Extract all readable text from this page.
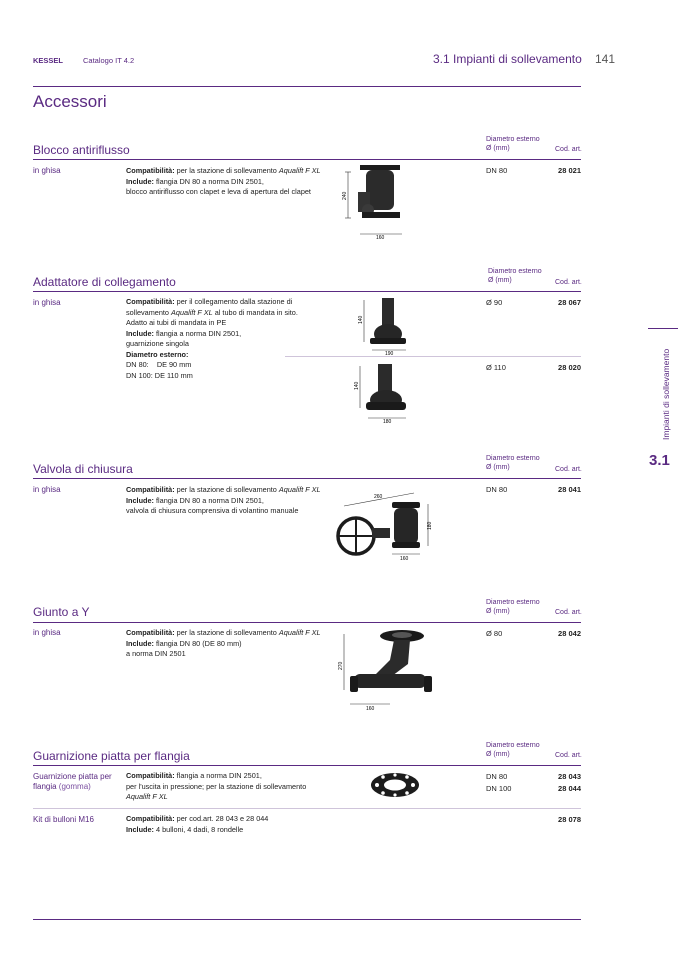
KESSEL	Catalogo IT 4.2	3.1 Impianti di sollevamento 141
Accessori
Impianti di sollevamento
3.1
Blocco antiriflusso
Diametro esterno
Ø (mm)	Cod. art.
in ghisa	Compatibilità: per la stazione di sollevamento Aqualift F XL
Include: flangia DN 80 a norma DIN 2501,
blocco antiriflusso con clapet e leva di apertura del clapet
DN 80	28 021
240
160
Adattatore di collegamento
Diametro esterno
Ø (mm)	Cod. art.
in ghisa	Compatibilità: per il collegamento dalla stazione di
sollevamento Aqualift F XL al tubo di mandata in sito.
Adatto ai tubi di mandata in PE
Include: flangia a norma DIN 2501,
guarnizione singola
Diametro esterno:
DN 80:    DE 90 mm
DN 100: DE 110 mm
Ø 90	28 067
Ø 110	28 020
140
190
140
180
Valvola di chiusura
Diametro esterno
Ø (mm)	Cod. art.
in ghisa	Compatibilità: per la stazione di sollevamento Aqualift F XL
Include: flangia DN 80 a norma DIN 2501,
valvola di chiusura comprensiva di volantino manuale
DN 80	28 041
260
180
160
Giunto a Y
Diametro esterno
Ø (mm)	Cod. art.
in ghisa	Compatibilità: per la stazione di sollevamento Aqualift F XL
Include: flangia DN 80 (DE 80 mm)
a norma DIN 2501
Ø 80	28 042
270
160
Guarnizione piatta per flangia
Diametro esterno
Ø (mm)	Cod. art.
Guarnizione piatta per
flangia (gomma)
Compatibilità: flangia a norma DIN 2501,
per l'uscita in pressione; per la stazione di sollevamento
Aqualift F XL
DN 80	28 043
DN 100	28 044
Kit di bulloni M16	Compatibilità: per cod.art. 28 043 e 28 044
Include: 4 bulloni, 4 dadi, 8 rondelle
28 078
